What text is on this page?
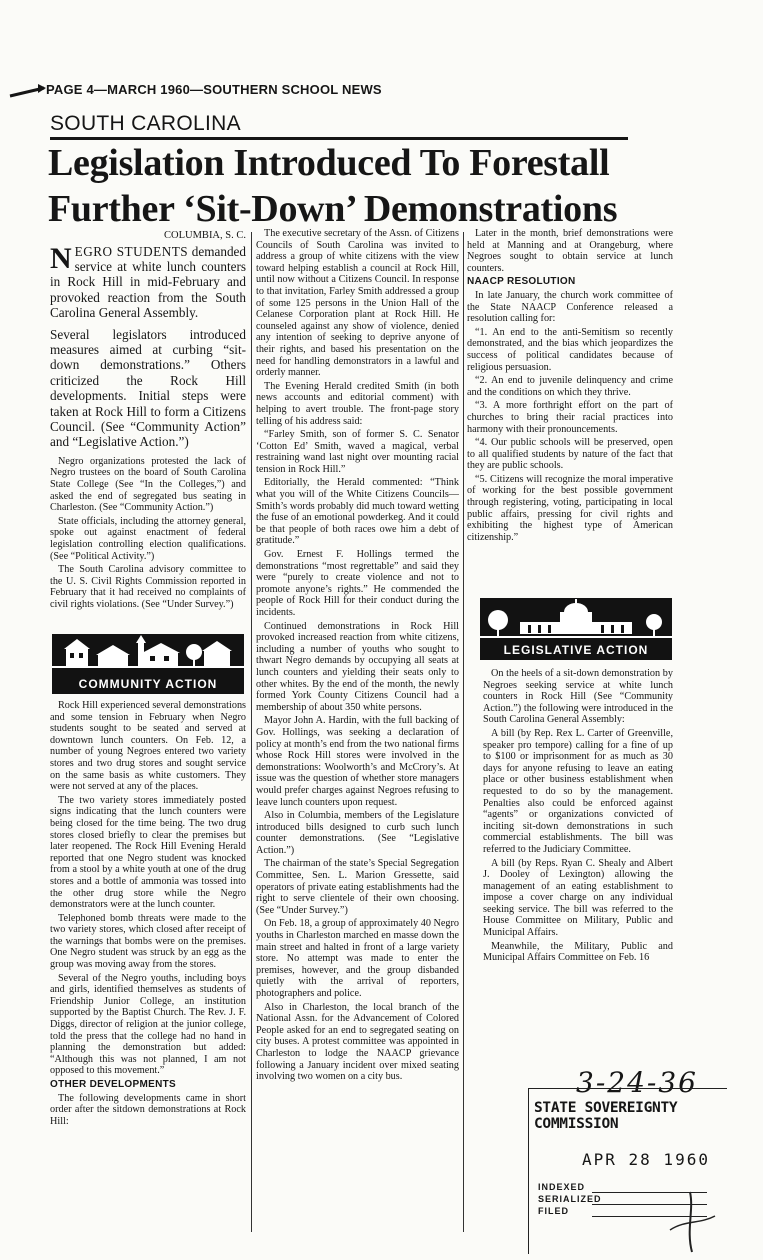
PAGE 4—MARCH 1960—SOUTHERN SCHOOL NEWS
SOUTH CAROLINA
Legislation Introduced To Forestall
Further ‘Sit-Down’ Demonstrations
COLUMBIA, S. C.

NEGRO STUDENTS demanded service at white lunch counters in Rock Hill in mid-February and provoked reaction from the South Carolina General Assembly.

Several legislators introduced measures aimed at curbing “sit-down demonstrations.” Others criticized the Rock Hill developments. Initial steps were taken at Rock Hill to form a Citizens Council. (See “Community Action” and “Legislative Action.”)

Negro organizations protested the lack of Negro trustees on the board of South Carolina State College (See “In the Colleges,”) and asked the end of segregated bus seating in Charleston. (See “Community Action.”)

State officials, including the attorney general, spoke out against enactment of federal legislation controlling election qualifications. (See “Political Activity.”)

The South Carolina advisory committee to the U. S. Civil Rights Commission reported in February that it had received no complaints of civil rights violations. (See “Under Survey.”)

COMMUNITY ACTION

Rock Hill experienced several demonstrations and some tension in February when Negro students sought to be seated and served at downtown lunch counters. On Feb. 12, a number of young Negroes entered two variety stores and two drug stores and sought service on the same basis as white customers. They were not served at any of the places.

The two variety stores immediately posted signs indicating that the lunch counters were being closed for the time being. The two drug stores closed briefly to clear the premises but later reopened. The Rock Hill Evening Herald reported that one Negro student was knocked from a stool by a white youth at one of the drug stores and a bottle of ammonia was tossed into the other drug store while the Negro demonstrators were at the lunch counter.

Telephoned bomb threats were made to the two variety stores, which closed after receipt of the warnings that bombs were on the premises. One Negro student was struck by an egg as the group was moving away from the stores.

Several of the Negro youths, including boys and girls, identified themselves as students of Friendship Junior College, an institution supported by the Baptist Church. The Rev. J. F. Diggs, director of religion at the junior college, told the press that the college had no hand in planning the demonstration but added: “Although this was not planned, I am not opposed to this movement.”

OTHER DEVELOPMENTS

The following developments came in short order after the sitdown demonstrations at Rock Hill:

The executive secretary of the Assn. of Citizens Councils of South Carolina was invited to address a group of white citizens with the view toward helping establish a council at Rock Hill, until now without a Citizens Council. In response to that invitation, Farley Smith addressed a group of some 125 persons in the Union Hall of the Celanese Corporation plant at Rock Hill. He counseled against any show of violence, denied any intention of seeking to deprive anyone of their rights, and based his presentation on the need for handling demonstrators in a lawful and orderly manner.

The Evening Herald credited Smith (in both news accounts and editorial comment) with helping to avert trouble. The front-page story telling of his address said:

“Farley Smith, son of former S. C. Senator ‘Cotton Ed’ Smith, waved a magical, verbal restraining wand last night over mounting racial tension in Rock Hill.”

Editorially, the Herald commented: “Think what you will of the White Citizens Councils—Smith’s words probably did much toward wetting the fuse of an emotional powderkeg. And it could be that people of both races owe him a debt of gratitude.”

Gov. Ernest F. Hollings termed the demonstrations “most regrettable” and said they were “purely to create violence and not to promote anyone’s rights.” He commended the people of Rock Hill for their conduct during the incidents.

Continued demonstrations in Rock Hill provoked increased reaction from white citizens, including a number of youths who sought to thwart Negro demands by occupying all seats at lunch counters and yielding their seats only to other whites. By the end of the month, the newly formed York County Citizens Council had a membership of about 350 white persons.

Mayor John A. Hardin, with the full backing of Gov. Hollings, was seeking a declaration of policy at month’s end from the two national firms whose Rock Hill stores were involved in the demonstrations: Woolworth’s and McCrory’s. At issue was the question of whether store managers would prefer charges against Negroes refusing to leave lunch counters upon request.

Also in Columbia, members of the Legislature introduced bills designed to curb such lunch counter demonstrations. (See “Legislative Action.”)

The chairman of the state’s Special Segregation Committee, Sen. L. Marion Gressette, said operators of private eating establishments had the right to serve clientele of their own choosing. (See “Under Survey.”)

On Feb. 18, a group of approximately 40 Negro youths in Charleston marched en masse down the main street and halted in front of a large variety store. No attempt was made to enter the premises, however, and the group disbanded quietly with the arrival of reporters, photographers and police.

Also in Charleston, the local branch of the National Assn. for the Advancement of Colored People asked for an end to segregated seating on city buses. A protest committee was appointed in Charleston to lodge the NAACP grievance following a January incident over mixed seating involving two women on a city bus.

Later in the month, brief demonstrations were held at Manning and at Orangeburg, where Negroes sought to obtain service at lunch counters.

NAACP RESOLUTION

In late January, the church work committee of the State NAACP Conference released a resolution calling for:

“1. An end to the anti-Semitism so recently demonstrated, and the bias which jeopardizes the success of political candidates because of religious persuasion.

“2. An end to juvenile delinquency and crime and the conditions on which they thrive.

“3. A more forthright effort on the part of churches to bring their racial practices into harmony with their pronouncements.

“4. Our public schools will be preserved, open to all qualified students by nature of the fact that they are public schools.

“5. Citizens will recognize the moral imperative of working for the best possible government through registering, voting, participating in local public affairs, pressing for civil rights and exhibiting the highest type of American citizenship.”

LEGISLATIVE ACTION

On the heels of a sit-down demonstration by Negroes seeking service at white lunch counters in Rock Hill (See “Community Action.”) the following were introduced in the South Carolina General Assembly:

A bill (by Rep. Rex L. Carter of Greenville, speaker pro tempore) calling for a fine of up to $100 or imprisonment for as much as 30 days for anyone refusing to leave an eating place or other business establishment when requested to do so by the management. Penalties also could be enforced against “agents” or organizations convicted of inciting sit-down demonstrations in such commercial establishments. The bill was referred to the Judiciary Committee.

A bill (by Reps. Ryan C. Shealy and Albert J. Dooley of Lexington) allowing the management of an eating establishment to impose a cover charge on any individual seeking service. The bill was referred to the House Committee on Military, Public and Municipal Affairs.

Meanwhile, the Military, Public and Municipal Affairs Committee on Feb. 16

3-24-36
STATE SOVEREIGNTY COMMISSION
APR 28 1960
INDEXED
SERIALIZED
FILED
